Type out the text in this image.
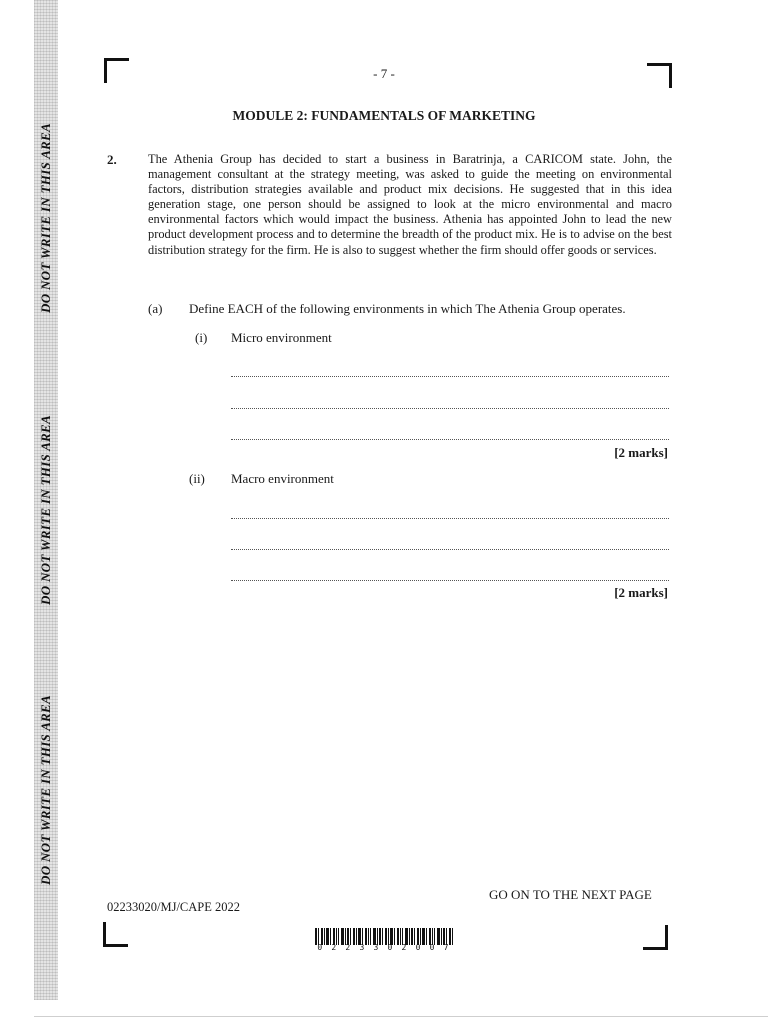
DO NOT WRITE IN THIS AREA
DO NOT WRITE IN THIS AREA
DO NOT WRITE IN THIS AREA
- 7 -
MODULE 2: FUNDAMENTALS OF MARKETING
2.	The Athenia Group has decided to start a business in Baratrinja, a CARICOM state. John, the management consultant at the strategy meeting, was asked to guide the meeting on environmental factors, distribution strategies available and product mix decisions. He suggested that in this idea generation stage, one person should be assigned to look at the micro environmental and macro environmental factors which would impact the business. Athenia has appointed John to lead the new product development process and to determine the breadth of the product mix. He is to advise on the best distribution strategy for the firm. He is also to suggest whether the firm should offer goods or services.

(a) Define EACH of the following environments in which The Athenia Group operates.
(i) Micro environment
[2 marks]
(ii) Macro environment
[2 marks]
GO ON TO THE NEXT PAGE
02233020/MJ/CAPE 2022
0 2 2 3 3 0 2 0 0 7
